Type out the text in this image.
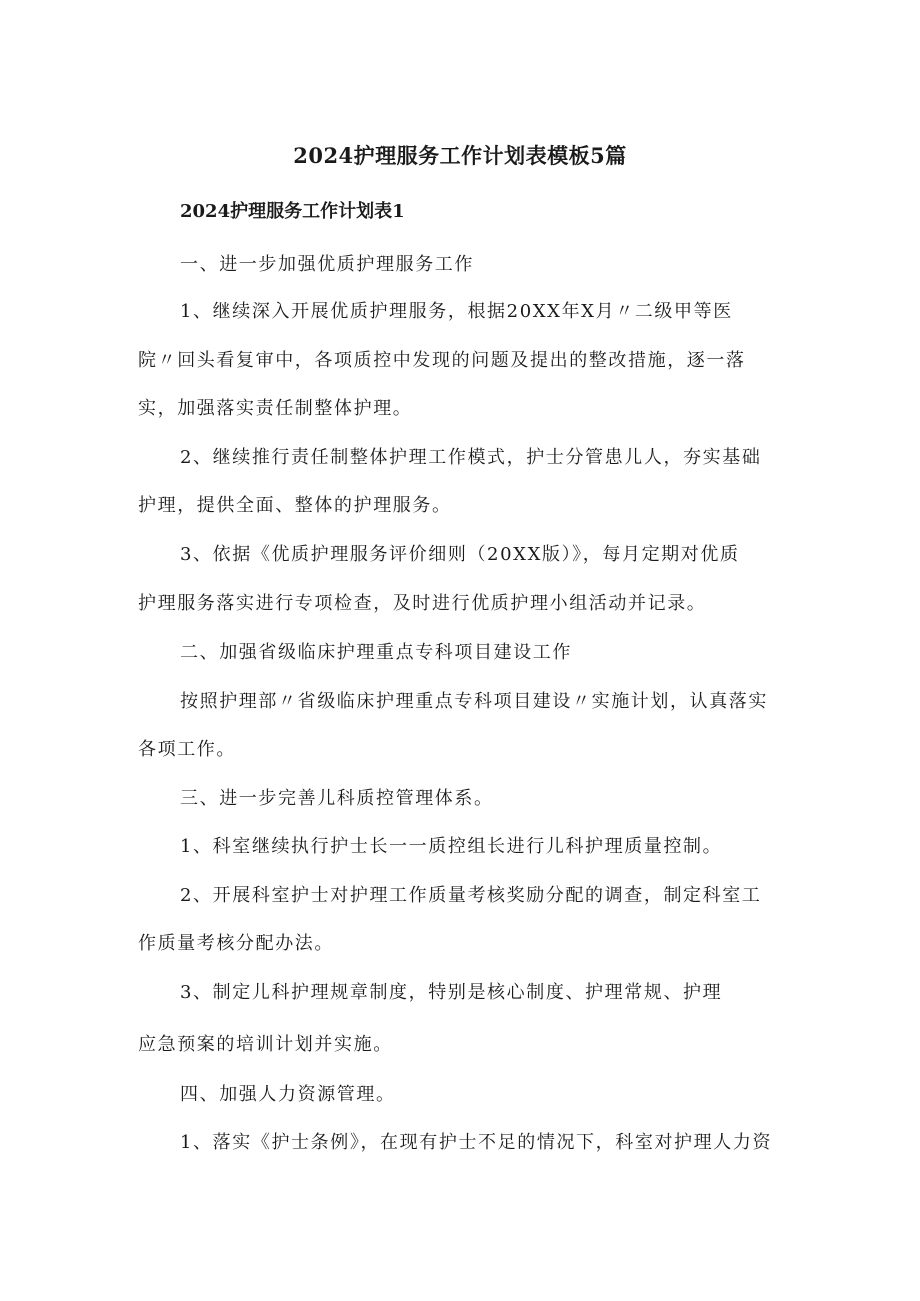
2024护理服务工作计划表模板5篇
2024护理服务工作计划表1

一、进一步加强优质护理服务工作

1、继续深入开展优质护理服务，根据20XX年X月〃二级甲等医

院〃回头看复审中，各项质控中发现的问题及提出的整改措施，逐一落

实，加强落实责任制整体护理。

2、继续推行责任制整体护理工作模式，护士分管患儿人，夯实基础

护理，提供全面、整体的护理服务。

3、依据《优质护理服务评价细则（20XX版）》，每月定期对优质

护理服务落实进行专项检查，及时进行优质护理小组活动并记录。

二、加强省级临床护理重点专科项目建设工作

按照护理部〃省级临床护理重点专科项目建设〃实施计划，认真落实

各项工作。

三、进一步完善儿科质控管理体系。

1、科室继续执行护士长一一质控组长进行儿科护理质量控制。

2、开展科室护士对护理工作质量考核奖励分配的调查，制定科室工

作质量考核分配办法。

3、制定儿科护理规章制度，特别是核心制度、护理常规、护理

应急预案的培训计划并实施。

四、加强人力资源管理。

1、落实《护士条例》，在现有护士不足的情况下，科室对护理人力资
